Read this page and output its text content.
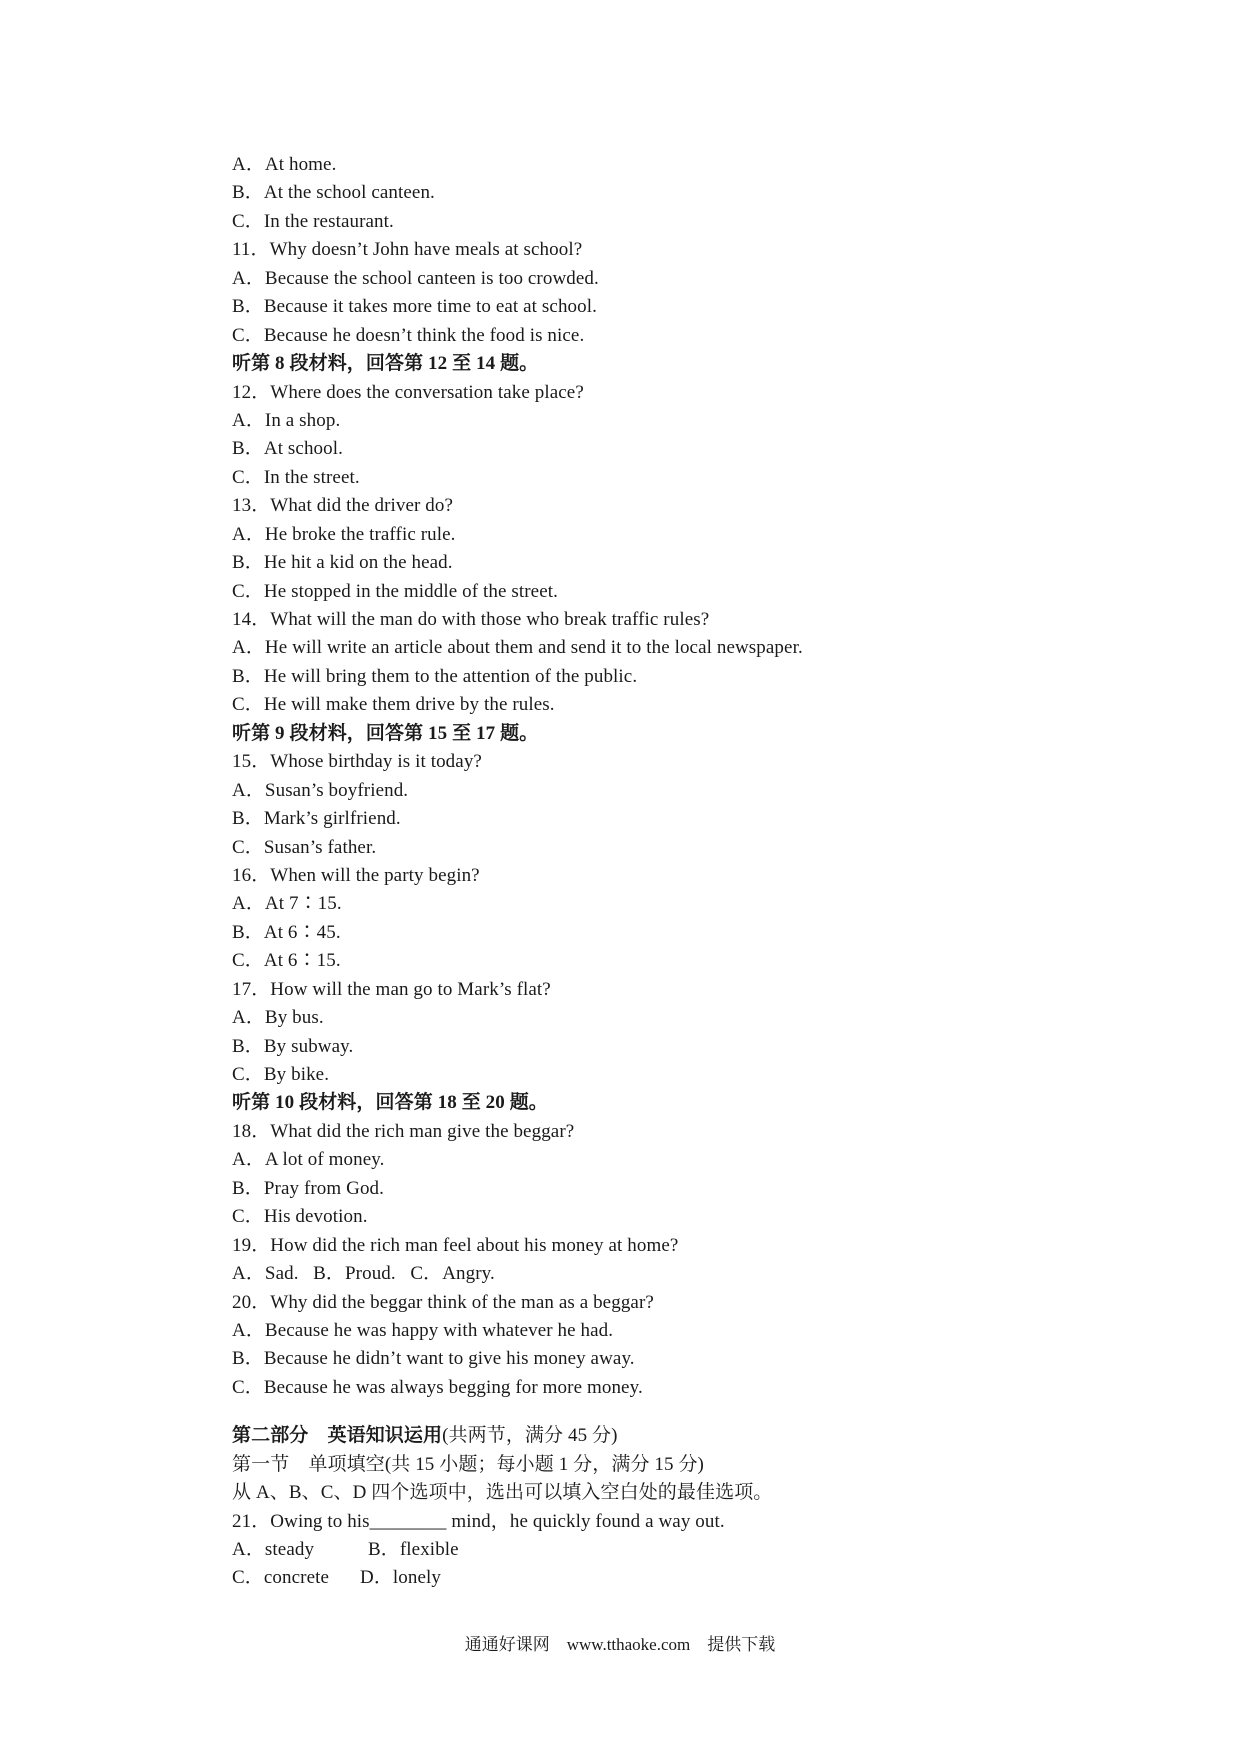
A．At home.
B．At the school canteen.
C．In the restaurant.
11．Why doesn’t John have meals at school?
A．Because the school canteen is too crowded.
B．Because it takes more time to eat at school.
C．Because he doesn’t think the food is nice.
听第 8 段材料，回答第 12 至 14 题。
12．Where does the conversation take place?
A．In a shop.
B．At school.
C．In the street.
13．What did the driver do?
A．He broke the traffic rule.
B．He hit a kid on the head.
C．He stopped in the middle of the street.
14．What will the man do with those who break traffic rules?
A．He will write an article about them and send it to the local newspaper.
B．He will bring them to the attention of the public.
C．He will make them drive by the rules.
听第 9 段材料，回答第 15 至 17 题。
15．Whose birthday is it today?
A．Susan’s boyfriend.
B．Mark’s girlfriend.
C．Susan’s father.
16．When will the party begin?
A．At 7∶15.
B．At 6∶45.
C．At 6∶15.
17．How will the man go to Mark’s flat?
A．By bus.
B．By subway.
C．By bike.
听第 10 段材料，回答第 18 至 20 题。
18．What did the rich man give the beggar?
A．A lot of money.
B．Pray from God.
C．His devotion.
19．How did the rich man feel about his money at home?
A．Sad. B．Proud. C．Angry.
20．Why did the beggar think of the man as a beggar?
A．Because he was happy with whatever he had.
B．Because he didn’t want to give his money away.
C．Because he was always begging for more money.
第二部分　英语知识运用(共两节，满分 45 分)
第一节　单项填空(共 15 小题；每小题 1 分，满分 15 分)
从 A、B、C、D 四个选项中，选出可以填入空白处的最佳选项。
21．Owing to his________ mind，he quickly found a way out.
A．steady	B．flexible
C．concrete D．lonely
通通好课网　www.tthaoke.com　提供下载
